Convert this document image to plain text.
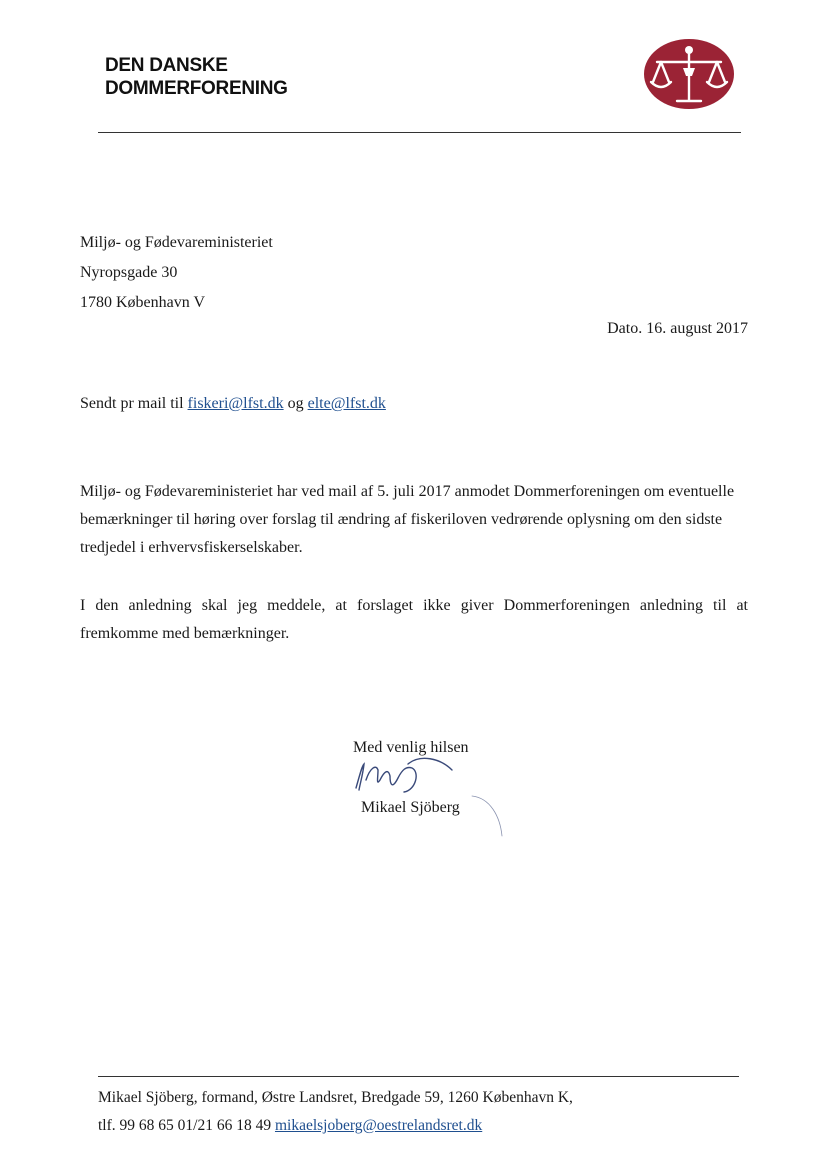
DEN DANSKE
DOMMERFORENING
Miljø- og Fødevareministeriet
Nyropsgade 30
1780 København V
Dato. 16. august 2017
Sendt pr mail til fiskeri@lfst.dk og elte@lfst.dk
Miljø- og Fødevareministeriet har ved mail af 5. juli 2017 anmodet Dommerforeningen om eventuelle bemærkninger til høring over forslag til ændring af fiskeriloven vedrørende oplysning om den sidste tredjedel i erhvervsfiskerselskaber.
I den anledning skal jeg meddele, at forslaget ikke giver Dommerforeningen anledning til at fremkomme med bemærkninger.
Med venlig hilsen
Mikael Sjöberg
Mikael Sjöberg, formand, Østre Landsret, Bredgade 59, 1260 København K,
tlf. 99 68 65 01/21 66 18 49 mikaelsjoberg@oestrelandsret.dk
